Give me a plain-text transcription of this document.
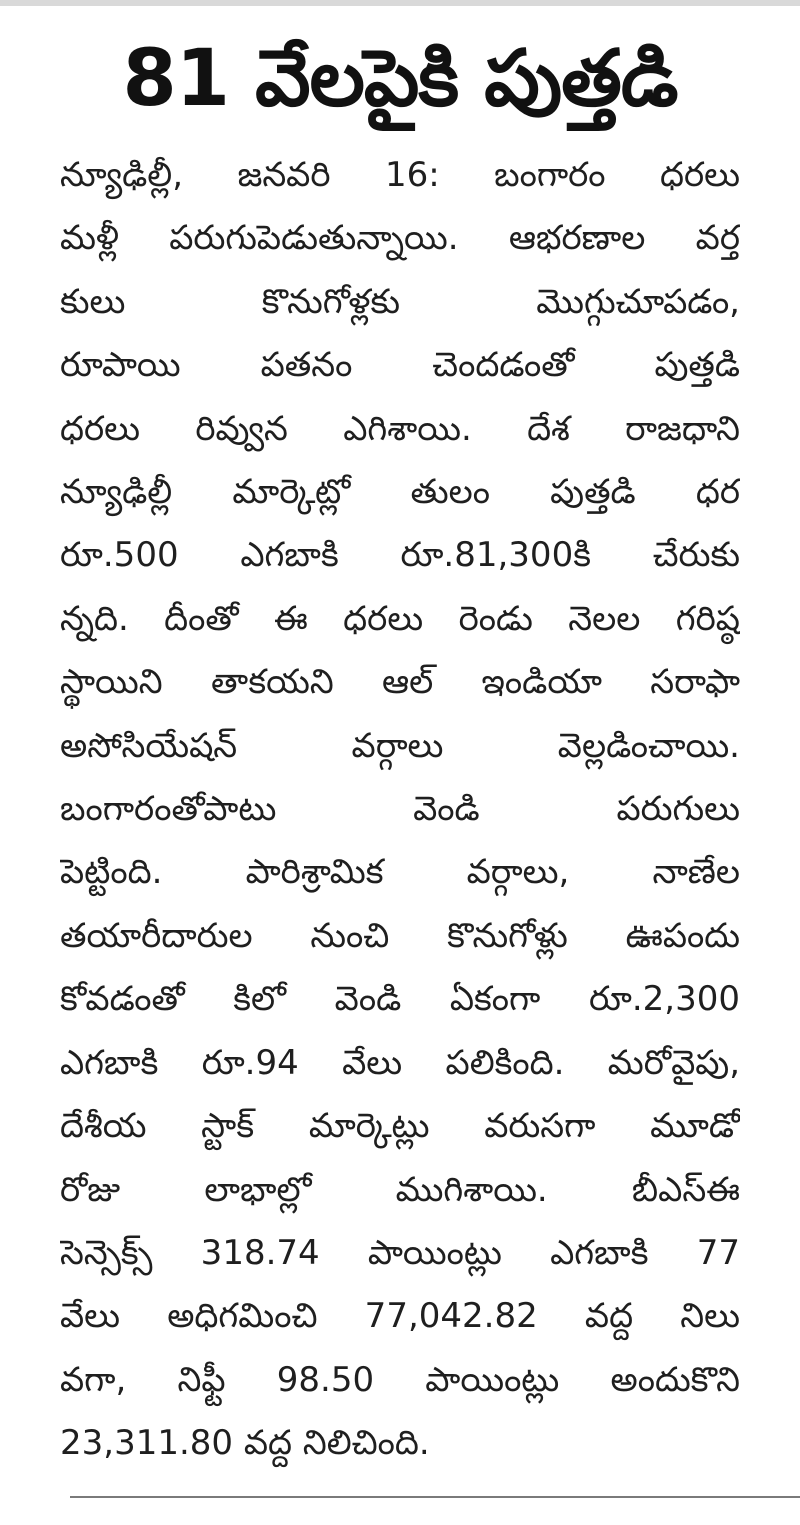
81 వేలపైకి పుత్తడి
న్యూఢిల్లీ, జనవరి 16: బంగారం ధరలు
మళ్లీ పరుగుపెడుతున్నాయి. ఆభరణాల వర్త
కులు కొనుగోళ్లకు మొగ్గుచూపడం,
రూపాయి పతనం చెందడంతో పుత్తడి
ధరలు రివ్వున ఎగిశాయి. దేశ రాజధాని
న్యూఢిల్లీ మార్కెట్లో తులం పుత్తడి ధర
రూ.500 ఎగబాకి రూ.81,300కి చేరుకు
న్నది. దీంతో ఈ ధరలు రెండు నెలల గరిష్ఠ
స్థాయిని తాకయని ఆల్ ఇండియా సరాఫా
అసోసియేషన్ వర్గాలు వెల్లడించాయి.
బంగారంతోపాటు వెండి పరుగులు
పెట్టింది. పారిశ్రామిక వర్గాలు, నాణేల
తయారీదారుల నుంచి కొనుగోళ్లు ఊపందు
కోవడంతో కిలో వెండి ఏకంగా రూ.2,300
ఎగబాకి రూ.94 వేలు పలికింది. మరోవైపు,
దేశీయ స్టాక్ మార్కెట్లు వరుసగా మూడో
రోజు లాభాల్లో ముగిశాయి. బీఎస్ఈ
సెన్సెక్స్ 318.74 పాయింట్లు ఎగబాకి 77
వేలు అధిగమించి 77,042.82 వద్ద నిలు
వగా, నిఫ్టీ 98.50 పాయింట్లు అందుకొని
23,311.80 వద్ద నిలిచింది.
